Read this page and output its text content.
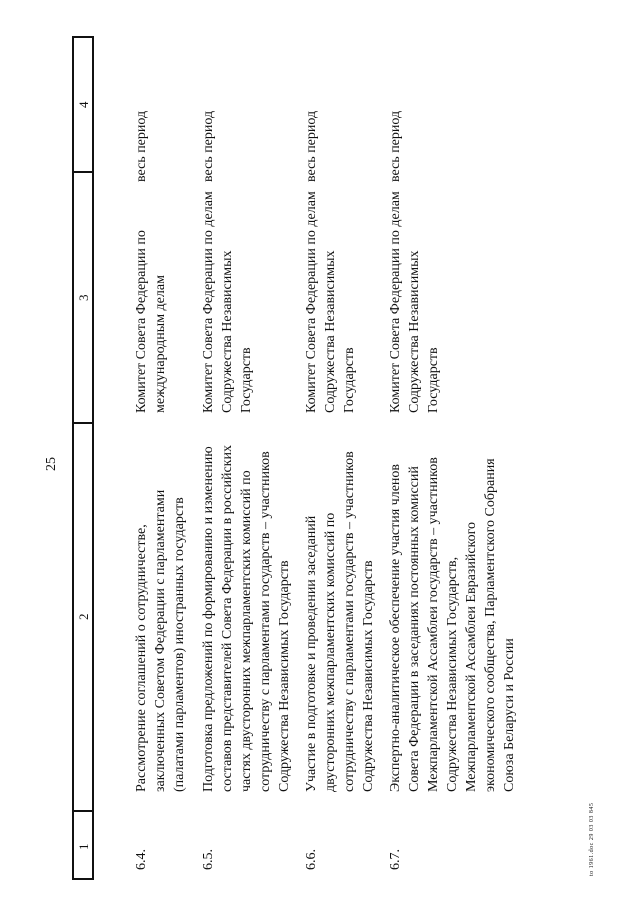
25
1
2
3
4
6.4.
Рассмотрение соглашений о сотрудничестве,
заключенных Советом Федерации с парламентами
(палатами парламентов) иностранных государств
Комитет Совета Федерации по
международным делам
весь период
6.5.
Подготовка предложений по формированию и изменению
составов представителей Совета Федерации в российских
частях двусторонних межпарламентских комиссий по
сотрудничеству с парламентами государств – участников
Содружества Независимых Государств
Комитет Совета Федерации по делам
Содружества Независимых
Государств
весь период
6.6.
Участие в подготовке и проведении заседаний
двусторонних межпарламентских комиссий по
сотрудничеству с парламентами государств – участников
Содружества Независимых Государств
Комитет Совета Федерации по делам
Содружества Независимых
Государств
весь период
6.7.
Экспертно-аналитическое обеспечение участия членов
Совета Федерации в заседаниях постоянных комиссий
Межпарламентской Ассамблеи государств – участников
Содружества Независимых Государств,
Межпарламентской Ассамблеи Евразийского
экономического сообщества, Парламентского Собрания
Союза Беларуси и России
Комитет Совета Федерации по делам
Содружества Независимых
Государств
весь период
to 1961.doc 29 03 03 845
